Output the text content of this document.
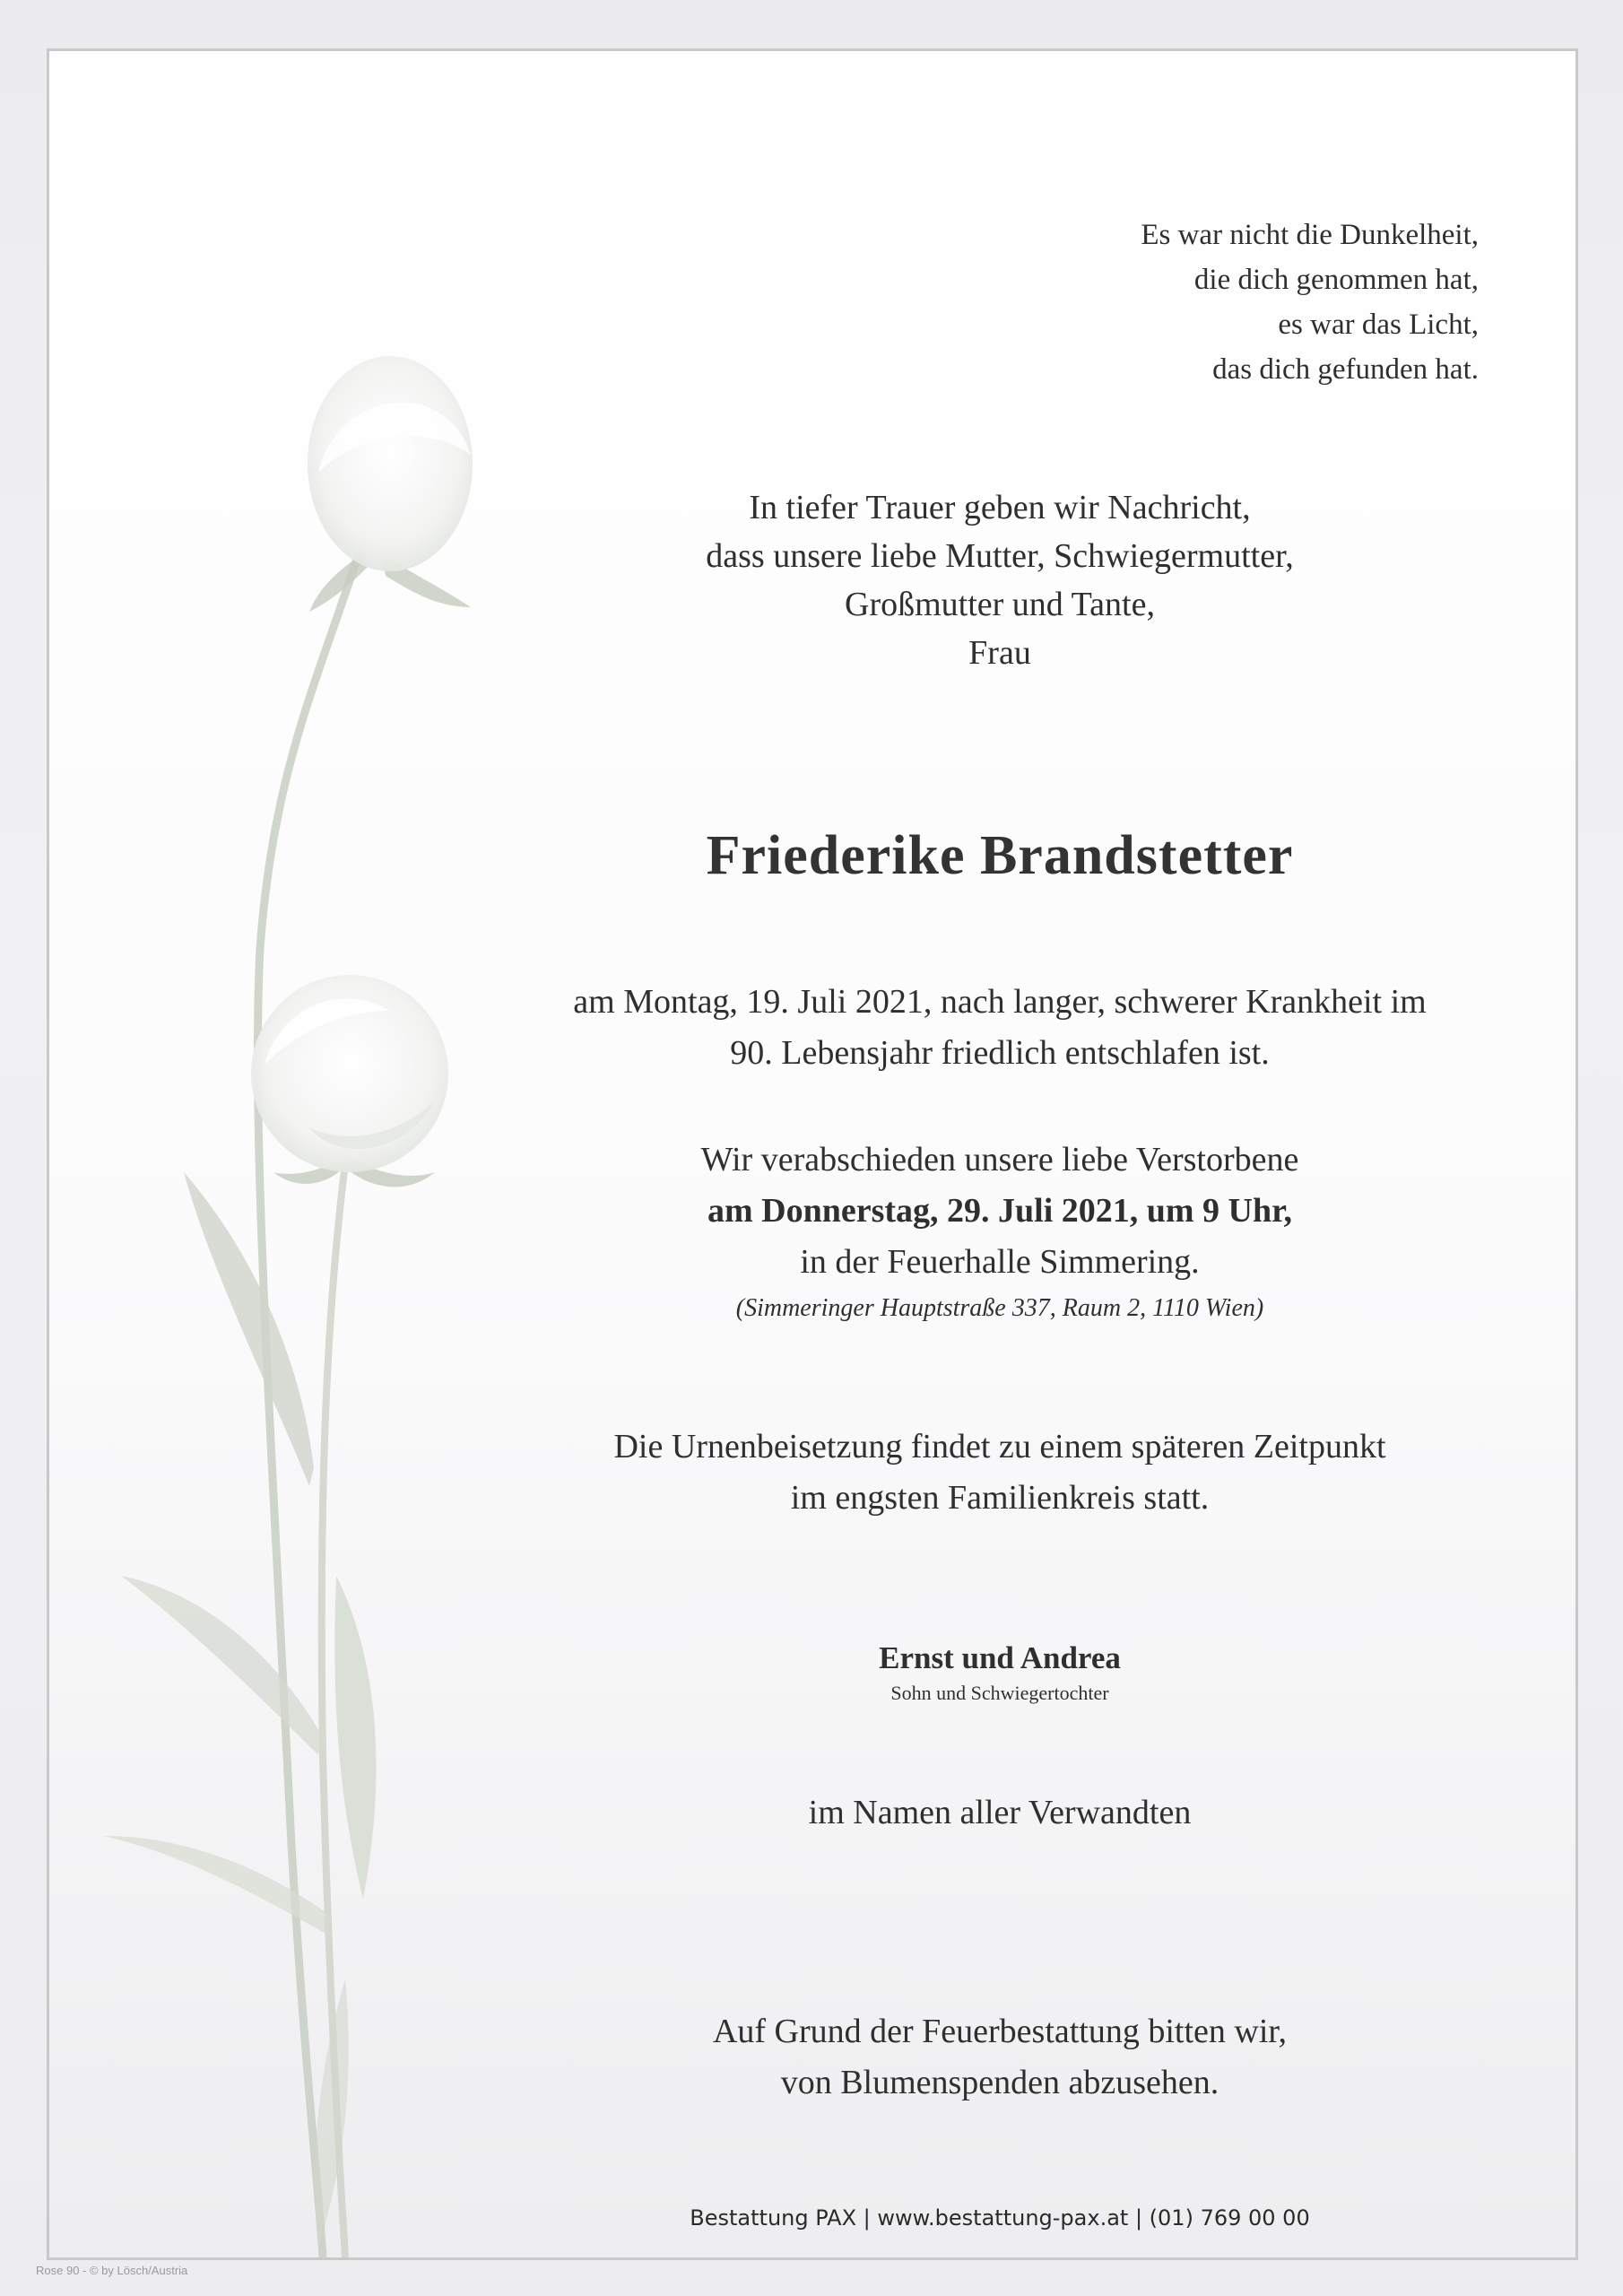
Es war nicht die Dunkelheit,
die dich genommen hat,
es war das Licht,
das dich gefunden hat.
In tiefer Trauer geben wir Nachricht,
dass unsere liebe Mutter, Schwiegermutter,
Großmutter und Tante,
Frau
Friederike Brandstetter
am Montag, 19. Juli 2021, nach langer, schwerer Krankheit im
90. Lebensjahr friedlich entschlafen ist.
Wir verabschieden unsere liebe Verstorbene
am Donnerstag, 29. Juli 2021, um 9 Uhr,
in der Feuerhalle Simmering.
(Simmeringer Hauptstraße 337, Raum 2, 1110 Wien)
Die Urnenbeisetzung findet zu einem späteren Zeitpunkt
im engsten Familienkreis statt.
Ernst und Andrea
Sohn und Schwiegertochter
im Namen aller Verwandten
Auf Grund der Feuerbestattung bitten wir,
von Blumenspenden abzusehen.
Bestattung PAX | www.bestattung-pax.at | (01) 769 00 00
Rose 90 - © by Lösch/Austria
